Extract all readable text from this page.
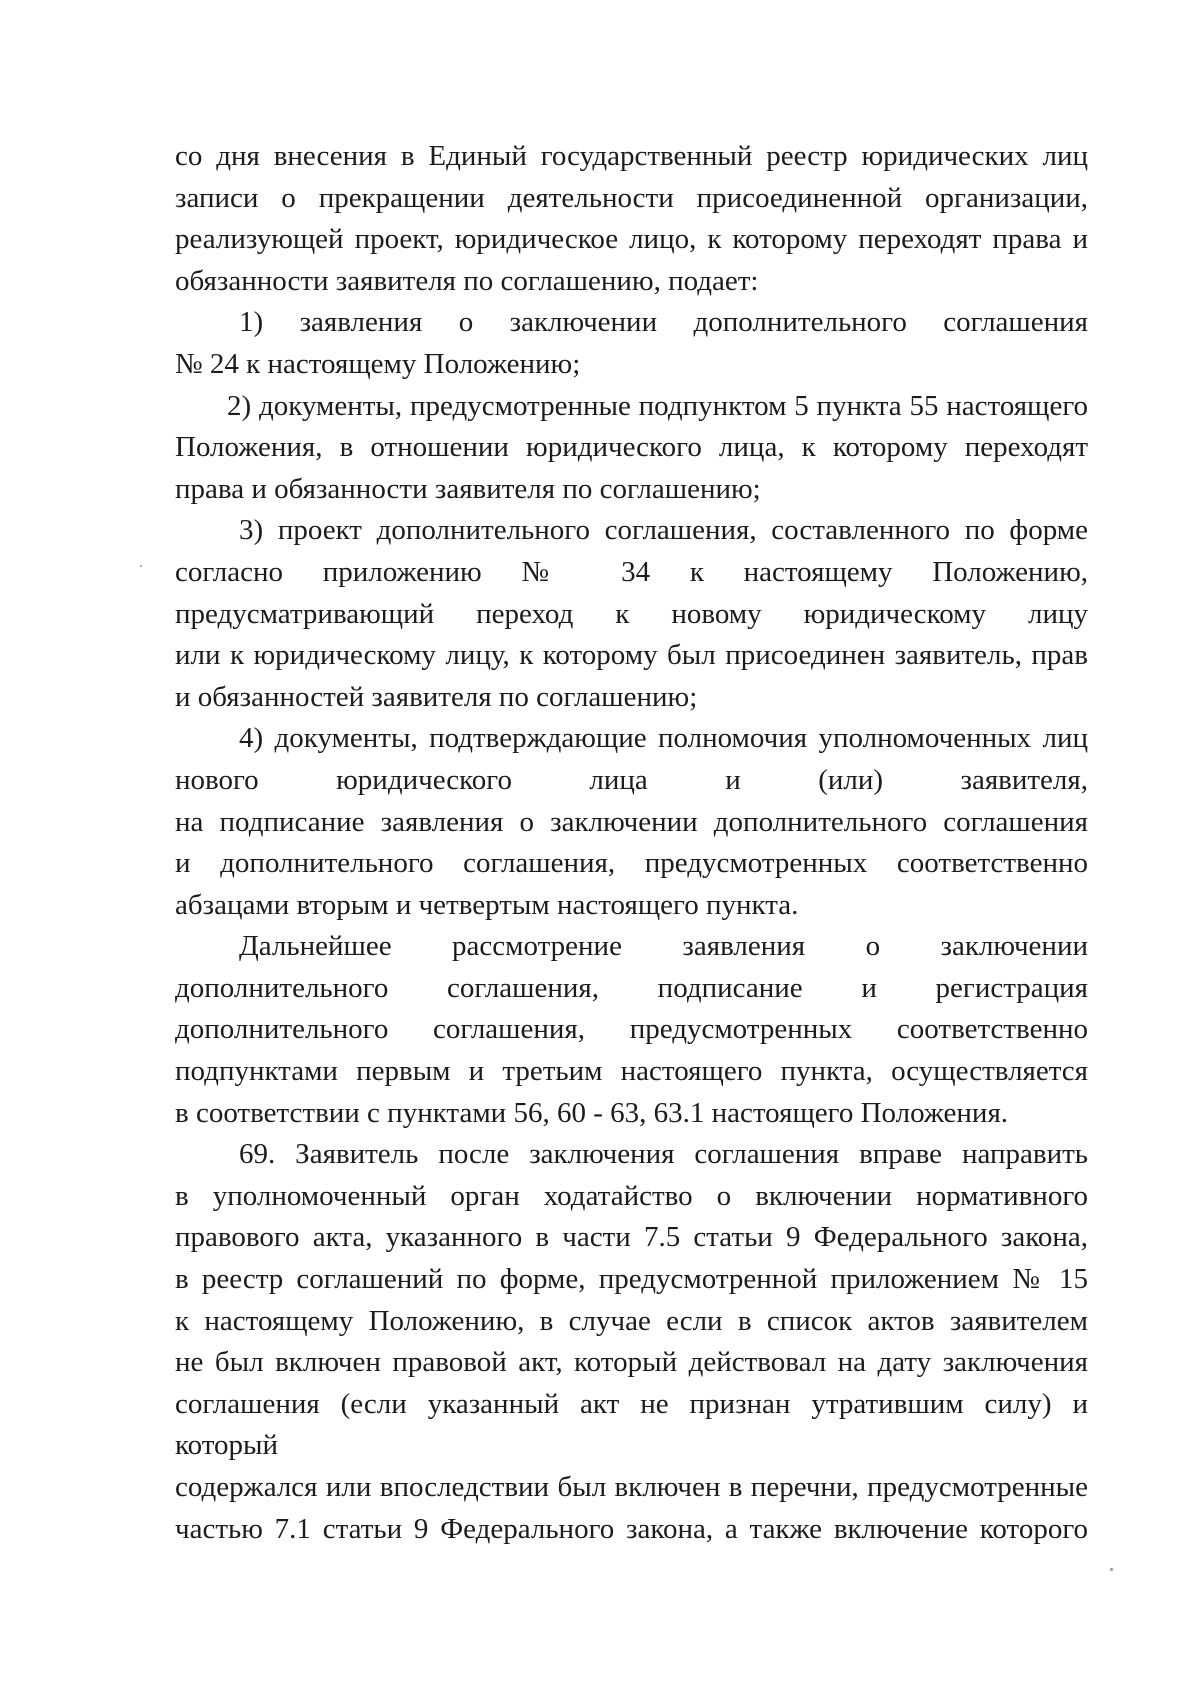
со дня внесения в Единый государственный реестр юридических лиц
записи о прекращении деятельности присоединенной организации,
реализующей проект, юридическое лицо, к которому переходят права и
обязанности заявителя по соглашению, подает:

1) заявления о заключении дополнительного соглашения
№ 24 к настоящему Положению;

2) документы, предусмотренные подпунктом 5 пункта 55 настоящего
Положения, в отношении юридического лица, к которому переходят
права и обязанности заявителя по соглашению;

3) проект дополнительного соглашения, составленного по форме
согласно приложению № 34 к настоящему Положению,
предусматривающий переход к новому юридическому лицу
или к юридическому лицу, к которому был присоединен заявитель, прав
и обязанностей заявителя по соглашению;

4) документы, подтверждающие полномочия уполномоченных лиц
нового юридического лица и (или) заявителя,
на подписание заявления о заключении дополнительного соглашения
и дополнительного соглашения, предусмотренных соответственно
абзацами вторым и четвертым настоящего пункта.

Дальнейшее рассмотрение заявления о заключении
дополнительного соглашения, подписание и регистрация
дополнительного соглашения, предусмотренных соответственно
подпунктами первым и третьим настоящего пункта, осуществляется
в соответствии с пунктами 56, 60 - 63, 63.1 настоящего Положения.

69. Заявитель после заключения соглашения вправе направить
в уполномоченный орган ходатайство о включении нормативного
правового акта, указанного в части 7.5 статьи 9 Федерального закона,
в реестр соглашений по форме, предусмотренной приложением № 15
к настоящему Положению, в случае если в список актов заявителем
не был включен правовой акт, который действовал на дату заключения
соглашения (если указанный акт не признан утратившим силу) и который
содержался или впоследствии был включен в перечни, предусмотренные
частью 7.1 статьи 9 Федерального закона, а также включение которого
